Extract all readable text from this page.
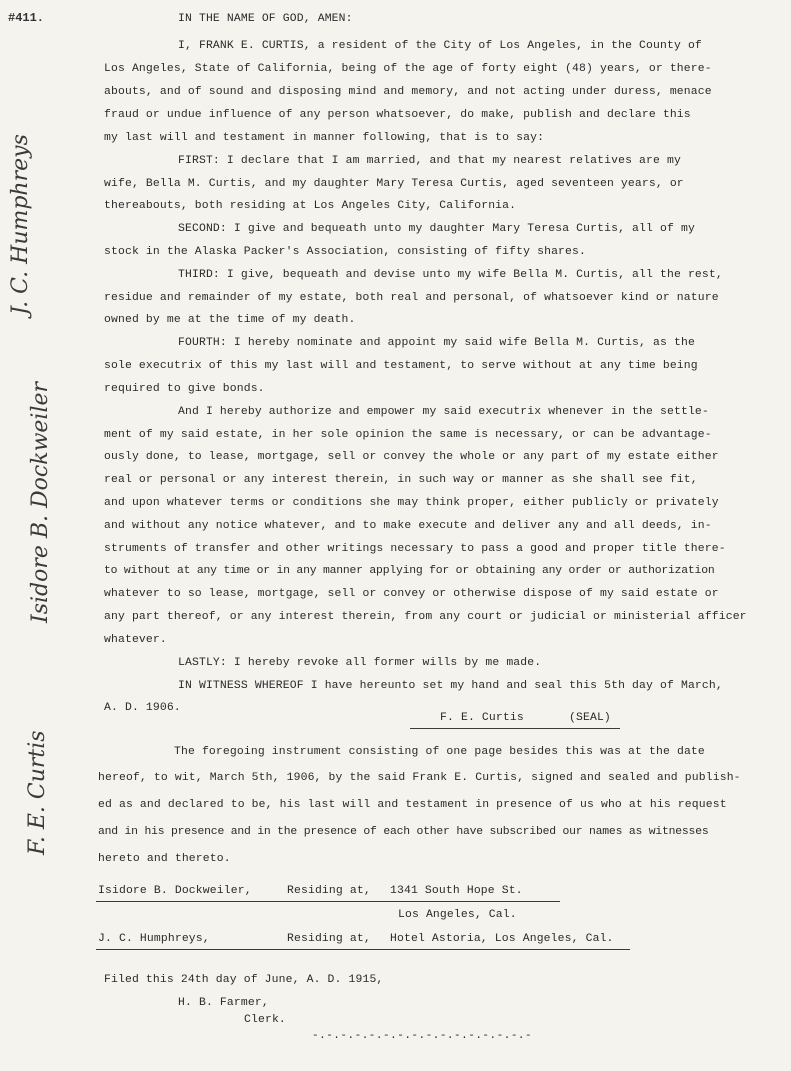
#411.
J. C. Humphreys
Isidore B. Dockweiler
F. E. Curtis
IN THE NAME OF GOD, AMEN:
I, FRANK E. CURTIS, a resident of the City of Los Angeles, in the County of
Los Angeles, State of California, being of the age of forty eight (48) years, or there-
abouts, and of sound and disposing mind and memory, and not acting under duress, menace
fraud or undue influence of any person whatsoever, do make, publish and declare this
my last will and testament in manner following, that is to say:
FIRST: I declare that I am married, and that my nearest relatives are my
wife, Bella M. Curtis, and my daughter Mary Teresa Curtis, aged seventeen years, or
thereabouts, both residing at Los Angeles City, California.
SECOND: I give and bequeath unto my daughter Mary Teresa Curtis, all of my
stock in the Alaska Packer's Association, consisting of fifty shares.
THIRD: I give, bequeath and devise unto my wife Bella M. Curtis, all the rest,
residue and remainder of my estate, both real and personal, of whatsoever kind or nature
owned by me at the time of my death.
FOURTH: I hereby nominate and appoint my said wife Bella M. Curtis, as the
sole executrix of this my last will and testament, to serve without at any time being
required to give bonds.
And I hereby authorize and empower my said executrix whenever in the settle-
ment of my said estate, in her sole opinion the same is necessary, or can be advantage-
ously done, to lease, mortgage, sell or convey the whole or any part of my estate either
real or personal or any interest therein, in such way or manner as she shall see fit,
and upon whatever terms or conditions she may think proper, either publicly or privately
and without any notice whatever, and to make execute and deliver any and all deeds, in-
struments of transfer and other writings necessary to pass a good and proper title there-
to without at any time or in any manner applying for or obtaining any order or authorization
whatever to so lease, mortgage, sell or convey or otherwise dispose of my said estate or
any part thereof, or any interest therein, from any court or judicial or ministerial afficer
whatever.
LASTLY: I hereby revoke all former wills by me made.
IN WITNESS WHEREOF I have hereunto set my hand and seal this 5th day of March,
A. D. 1906.
F. E. Curtis	(SEAL)
The foregoing instrument consisting of one page besides this was at the date
hereof, to wit, March 5th, 1906, by the said Frank E. Curtis, signed and sealed and publish-
ed as and declared to be, his last will and testament in presence of us who at his request
and in his presence and in the presence of each other have subscribed our names as witnesses
hereto and thereto.
Isidore B. Dockweiler,	Residing at, 1341 South Hope St.
Los Angeles, Cal.
J. C. Humphreys,	Residing at, Hotel Astoria, Los Angeles, Cal.
Filed this 24th day of June, A. D. 1915,
H. B. Farmer,
Clerk.
-.-.-.-.-.-.-.-.-.-.-.-.-.-.-.-
